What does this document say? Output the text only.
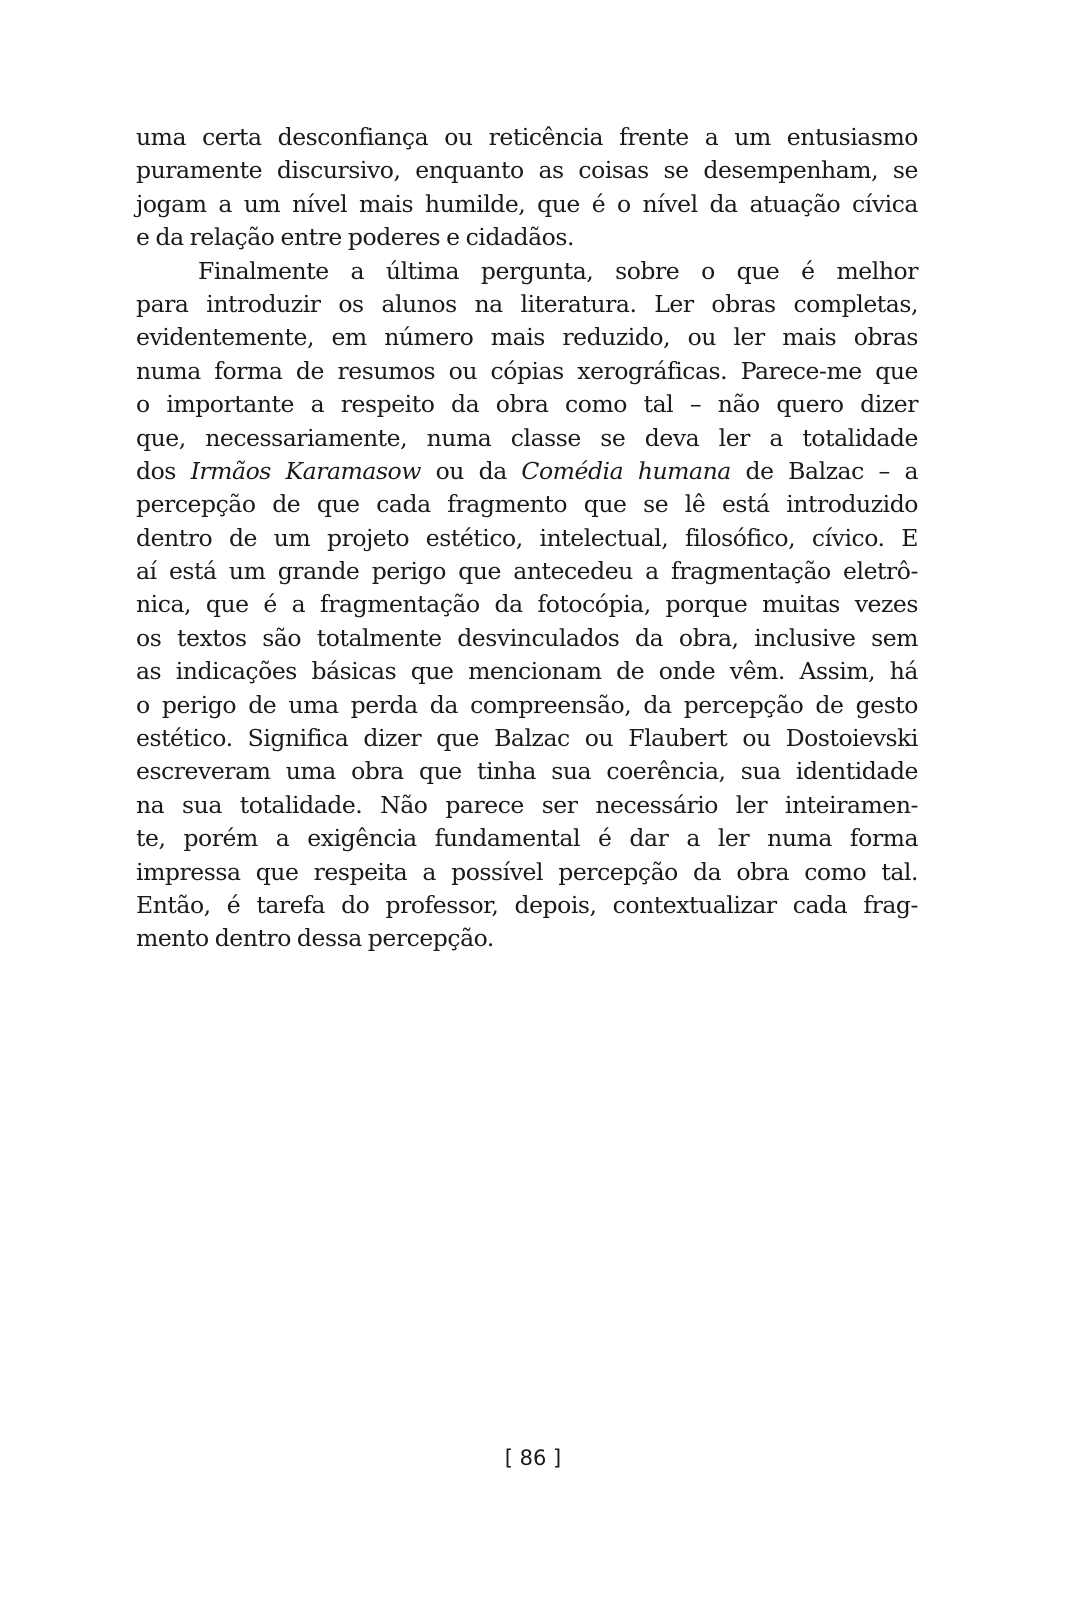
uma certa desconfiança ou reticência frente a um entusiasmo
puramente discursivo, enquanto as coisas se desempenham, se
jogam a um nível mais humilde, que é o nível da atuação cívica
e da relação entre poderes e cidadãos.
Finalmente a última pergunta, sobre o que é melhor
para introduzir os alunos na literatura. Ler obras completas,
evidentemente, em número mais reduzido, ou ler mais obras
numa forma de resumos ou cópias xerográficas. Parece-me que
o importante a respeito da obra como tal – não quero dizer
que, necessariamente, numa classe se deva ler a totalidade
dos Irmãos Karamasow ou da Comédia humana de Balzac – a
percepção de que cada fragmento que se lê está introduzido
dentro de um projeto estético, intelectual, filosófico, cívico. E
aí está um grande perigo que antecedeu a fragmentação eletrô-
nica, que é a fragmentação da fotocópia, porque muitas vezes
os textos são totalmente desvinculados da obra, inclusive sem
as indicações básicas que mencionam de onde vêm. Assim, há
o perigo de uma perda da compreensão, da percepção de gesto
estético. Significa dizer que Balzac ou Flaubert ou Dostoievski
escreveram uma obra que tinha sua coerência, sua identidade
na sua totalidade. Não parece ser necessário ler inteiramen-
te, porém a exigência fundamental é dar a ler numa forma
impressa que respeita a possível percepção da obra como tal.
Então, é tarefa do professor, depois, contextualizar cada frag-
mento dentro dessa percepção.
[ 86 ]
